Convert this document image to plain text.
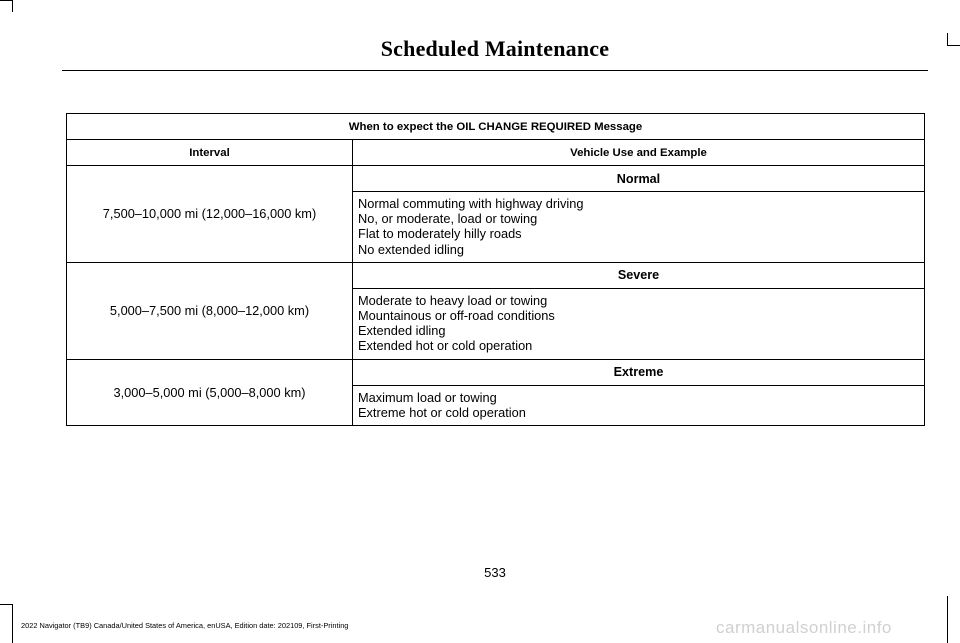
Scheduled Maintenance
When to expect the OIL CHANGE REQUIRED Message	
Interval	Vehicle Use and Example
7,500–10,000 mi (12,000–16,000 km)	Normal

	Normal commuting with highway driving
No, or moderate, load or towing
Flat to moderately hilly roads
No extended idling

5,000–7,500 mi (8,000–12,000 km)	Severe

	Moderate to heavy load or towing
Mountainous or off-road conditions
Extended idling
Extended hot or cold operation

3,000–5,000 mi (5,000–8,000 km)	Extreme

	Maximum load or towing
Extreme hot or cold operation
533
2022 Navigator (TB9) Canada/United States of America, enUSA, Edition date: 202109, First-Printing	carmanualsonline.info
